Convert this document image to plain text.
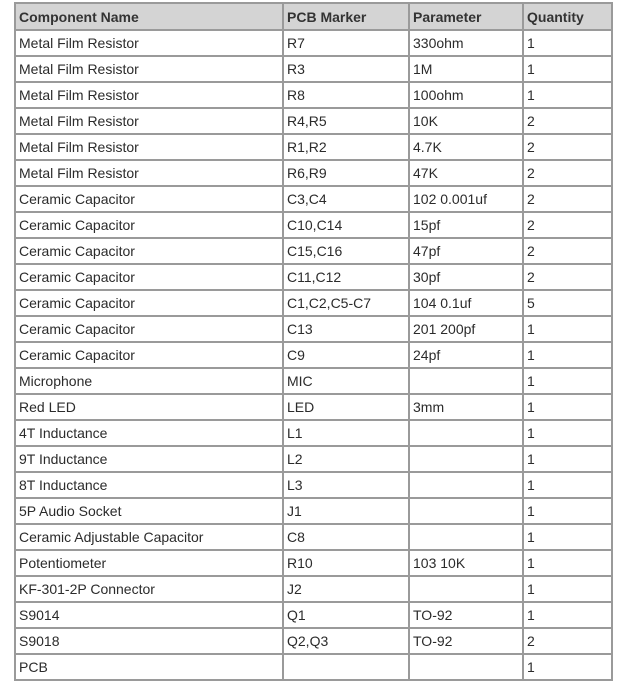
Component Name	PCB Marker	Parameter	Quantity
Metal Film Resistor	R7	330ohm	1
Metal Film Resistor	R3	1M	1
Metal Film Resistor	R8	100ohm	1
Metal Film Resistor	R4,R5	10K	2
Metal Film Resistor	R1,R2	4.7K	2
Metal Film Resistor	R6,R9	47K	2
Ceramic Capacitor	C3,C4	102 0.001uf	2
Ceramic Capacitor	C10,C14	15pf	2
Ceramic Capacitor	C15,C16	47pf	2
Ceramic Capacitor	C11,C12	30pf	2
Ceramic Capacitor	C1,C2,C5-C7	104 0.1uf	5
Ceramic Capacitor	C13	201 200pf	1
Ceramic Capacitor	C9	24pf	1
Microphone	MIC		1
Red LED	LED	3mm	1
4T Inductance	L1		1
9T Inductance	L2		1
8T Inductance	L3		1
5P Audio Socket	J1		1
Ceramic Adjustable Capacitor	C8		1
Potentiometer	R10	103 10K	1
KF-301-2P Connector	J2		1
S9014	Q1	TO-92	1
S9018	Q2,Q3	TO-92	2
PCB			1
